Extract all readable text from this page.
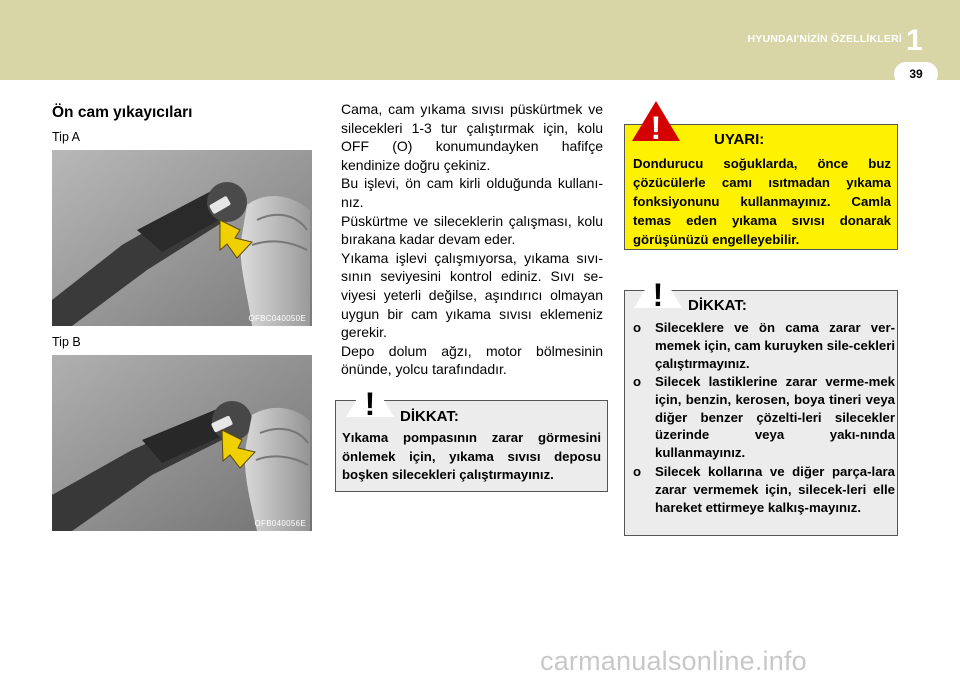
HYUNDAI'NİZİN ÖZELLİKLERİ 1
39
Ön cam yıkayıcıları
Tip A
OFBC040050E
Tip B
OFB040056E

Cama, cam yıkama sıvısı püskürtmek ve silecekleri 1-3 tur çalıştırmak için, kolu OFF (O) konumundayken hafifçe kendinize doğru çekiniz.

Bu işlevi, ön cam kirli olduğunda kullanı-nız.

Püskürtme ve sileceklerin çalışması, kolu bırakana kadar devam eder.

Yıkama işlevi çalışmıyorsa, yıkama sıvı-sının seviyesini kontrol ediniz. Sıvı se-viyesi yeterli değilse, aşındırıcı olmayan uygun bir cam yıkama sıvısı eklemeniz gerekir.

Depo dolum ağzı, motor bölmesinin önünde, yolcu tarafındadır.

DİKKAT:
Yıkama pompasının zarar görmesini önlemek için, yıkama sıvısı deposu boşken silecekleri çalıştırmayınız.
!
UYARI:
Dondurucu soğuklarda, önce buz çözücülerle camı ısıtmadan yıkama fonksiyonunu kullanmayınız. Camla temas eden yıkama sıvısı donarak görüşünüzü engelleyebilir.
!
DİKKAT:
o Sileceklere ve ön cama zarar ver-memek için, cam kuruyken sile-cekleri çalıştırmayınız.
o Silecek lastiklerine zarar verme-mek için, benzin, kerosen, boya tineri veya diğer benzer çözelti-leri silecekler üzerinde veya yakı-nında kullanmayınız.
o Silecek kollarına ve diğer parça-lara zarar vermemek için, silecek-leri elle hareket ettirmeye kalkış-mayınız.
!
carmanualsonline.info
